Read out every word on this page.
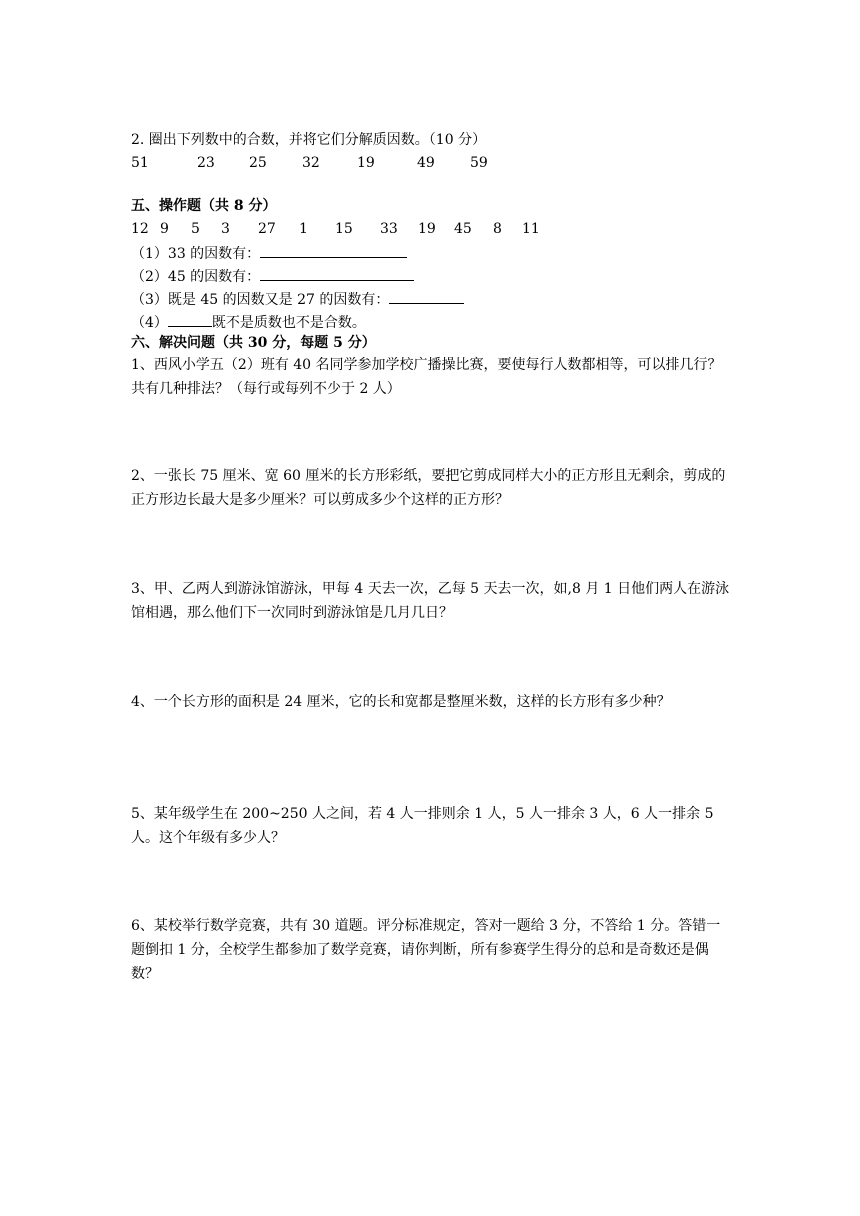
2. 圈出下列数中的合数，并将它们分解质因数。（10 分）
51	23 25	32	19	49	59
五、操作题（共 8 分）
12 9 5 3 27 1 15 33 19 45 8 11
（1）33 的因数有：
（2）45 的因数有：
（3）既是 45 的因数又是 27 的因数有：
（4）	既不是质数也不是合数。
六、解决问题（共 30 分，每题 5 分）
1、西风小学五（2）班有 40 名同学参加学校广播操比赛，要使每行人数都相等，可以排几行？共有几种排法？（每行或每列不少于 2 人）
2、一张长 75 厘米、宽 60 厘米的长方形彩纸，要把它剪成同样大小的正方形且无剩余，剪成的正方形边长最大是多少厘米？可以剪成多少个这样的正方形？
3、甲、乙两人到游泳馆游泳，甲每 4 天去一次，乙每 5 天去一次，如,8 月 1 日他们两人在游泳馆相遇，那么他们下一次同时到游泳馆是几月几日？
4、一个长方形的面积是 24 厘米，它的长和宽都是整厘米数，这样的长方形有多少种？
5、某年级学生在 200~250 人之间，若 4 人一排则余 1 人，5 人一排余 3 人，6 人一排余 5 人。这个年级有多少人？
6、某校举行数学竞赛，共有 30 道题。评分标准规定，答对一题给 3 分，不答给 1 分。答错一题倒扣 1 分，全校学生都参加了数学竞赛，请你判断，所有参赛学生得分的总和是奇数还是偶数？
